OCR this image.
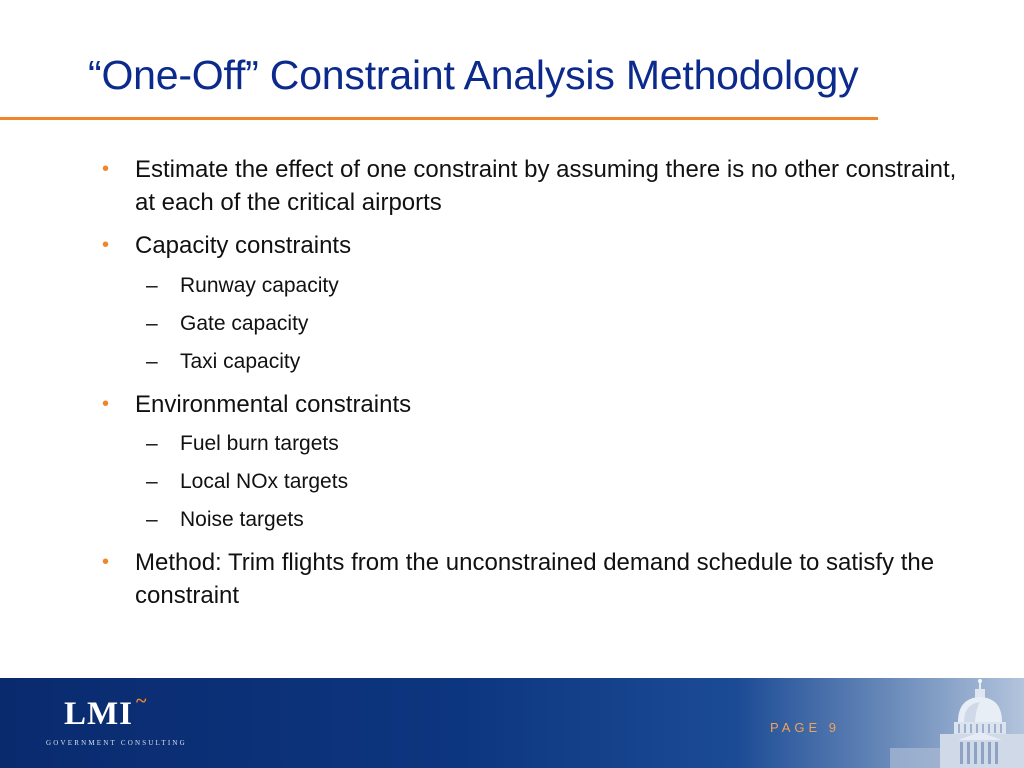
“One-Off” Constraint Analysis Methodology
• Estimate the effect of one constraint by assuming there is no other constraint, at each of the critical airports
• Capacity constraints
– Runway capacity
– Gate capacity
– Taxi capacity
• Environmental constraints
– Fuel burn targets
– Local NOx targets
– Noise targets
• Method: Trim flights from the unconstrained demand schedule to satisfy the constraint
LMI ~
GOVERNMENT CONSULTING
PAGE 9
